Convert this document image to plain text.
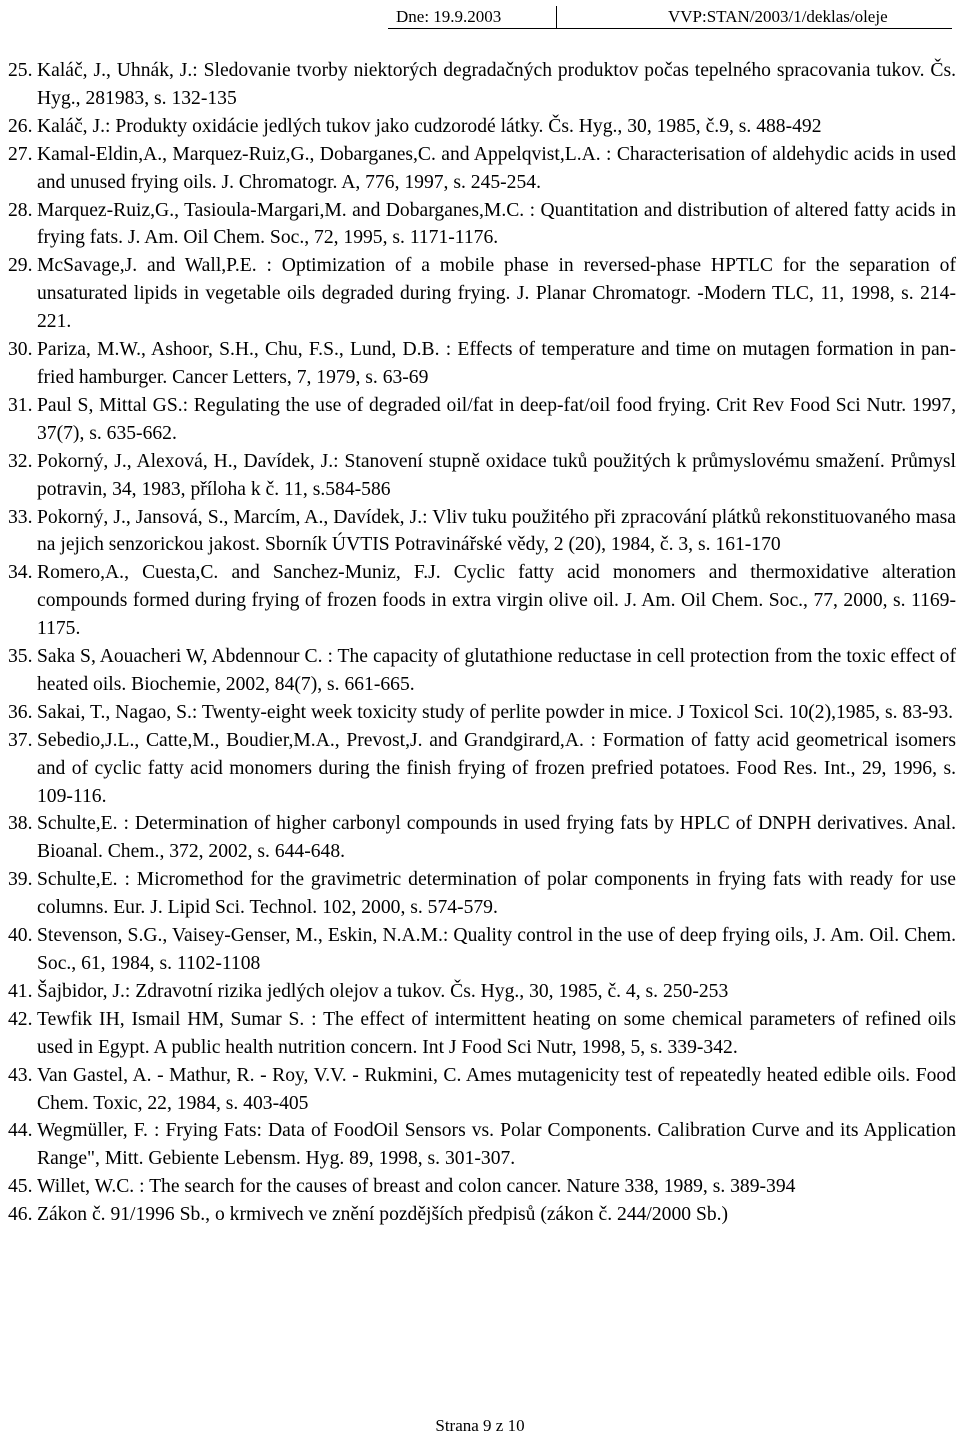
Dne: 19.9.2003	VVP:STAN/2003/1/deklas/oleje
25. Kaláč, J., Uhnák, J.: Sledovanie tvorby niektorých degradačných produktov počas tepelného spracovania tukov. Čs. Hyg., 281983, s. 132-135
26. Kaláč, J.: Produkty oxidácie jedlých tukov jako cudzorodé látky. Čs. Hyg., 30, 1985, č.9, s. 488-492
27. Kamal-Eldin,A., Marquez-Ruiz,G., Dobarganes,C. and Appelqvist,L.A. : Characterisation of aldehydic acids in used and unused frying oils. J. Chromatogr. A, 776, 1997, s. 245-254.
28. Marquez-Ruiz,G., Tasioula-Margari,M. and Dobarganes,M.C. : Quantitation and distribution of altered fatty acids in frying fats. J. Am. Oil Chem. Soc., 72, 1995, s. 1171-1176.
29. McSavage,J. and Wall,P.E. : Optimization of a mobile phase in reversed-phase HPTLC for the separation of unsaturated lipids in vegetable oils degraded during frying. J. Planar Chromatogr. -Modern TLC, 11, 1998, s. 214-221.
30. Pariza, M.W., Ashoor, S.H., Chu, F.S., Lund, D.B. : Effects of temperature and time on mutagen formation in pan-fried hamburger. Cancer Letters, 7, 1979, s. 63-69
31. Paul S, Mittal GS.: Regulating the use of degraded oil/fat in deep-fat/oil food frying. Crit Rev Food Sci Nutr. 1997, 37(7), s. 635-662.
32. Pokorný, J., Alexová, H., Davídek, J.: Stanovení stupně oxidace tuků použitých k průmyslovému smažení. Průmysl potravin, 34, 1983, příloha k č. 11, s.584-586
33. Pokorný, J., Jansová, S., Marcím, A., Davídek, J.: Vliv tuku použitého při zpracování plátků rekonstituovaného masa na jejich senzorickou jakost. Sborník ÚVTIS Potravinářské vědy, 2 (20), 1984, č. 3, s. 161-170
34. Romero,A., Cuesta,C. and Sanchez-Muniz, F.J. Cyclic fatty acid monomers and thermoxidative alteration compounds formed during frying of frozen foods in extra virgin olive oil. J. Am. Oil Chem. Soc., 77, 2000, s. 1169-1175.
35. Saka S, Aouacheri W, Abdennour C. : The capacity of glutathione reductase in cell protection from the toxic effect of heated oils. Biochemie, 2002, 84(7), s. 661-665.
36. Sakai, T., Nagao, S.: Twenty-eight week toxicity study of perlite powder in mice. J Toxicol Sci. 10(2),1985, s. 83-93.
37. Sebedio,J.L., Catte,M., Boudier,M.A., Prevost,J. and Grandgirard,A. : Formation of fatty acid geometrical isomers and of cyclic fatty acid monomers during the finish frying of frozen prefried potatoes. Food Res. Int., 29, 1996, s. 109-116.
38. Schulte,E. : Determination of higher carbonyl compounds in used frying fats by HPLC of DNPH derivatives. Anal. Bioanal. Chem., 372, 2002, s. 644-648.
39. Schulte,E. : Micromethod for the gravimetric determination of polar components in frying fats with ready for use columns. Eur. J. Lipid Sci. Technol. 102, 2000, s. 574-579.
40. Stevenson, S.G., Vaisey-Genser, M., Eskin, N.A.M.: Quality control in the use of deep frying oils, J. Am. Oil. Chem. Soc., 61, 1984, s. 1102-1108
41. Šajbidor, J.: Zdravotní rizika jedlých olejov a tukov. Čs. Hyg., 30, 1985, č. 4, s. 250-253
42. Tewfik IH, Ismail HM, Sumar S. : The effect of intermittent heating on some chemical parameters of refined oils used in Egypt. A public health nutrition concern. Int J Food Sci Nutr, 1998, 5, s. 339-342.
43. Van Gastel, A. - Mathur, R. - Roy, V.V. - Rukmini, C. Ames mutagenicity test of repeatedly heated edible oils. Food Chem. Toxic, 22, 1984, s. 403-405
44. Wegmüller, F. : Frying Fats: Data of FoodOil Sensors vs. Polar Components. Calibration Curve and its Application Range", Mitt. Gebiente Lebensm. Hyg. 89, 1998, s. 301-307.
45. Willet, W.C. : The search for the causes of breast and colon cancer. Nature 338, 1989, s. 389-394
46. Zákon č. 91/1996 Sb., o krmivech ve znění pozdějších předpisů (zákon č. 244/2000 Sb.)
Strana 9 z 10
